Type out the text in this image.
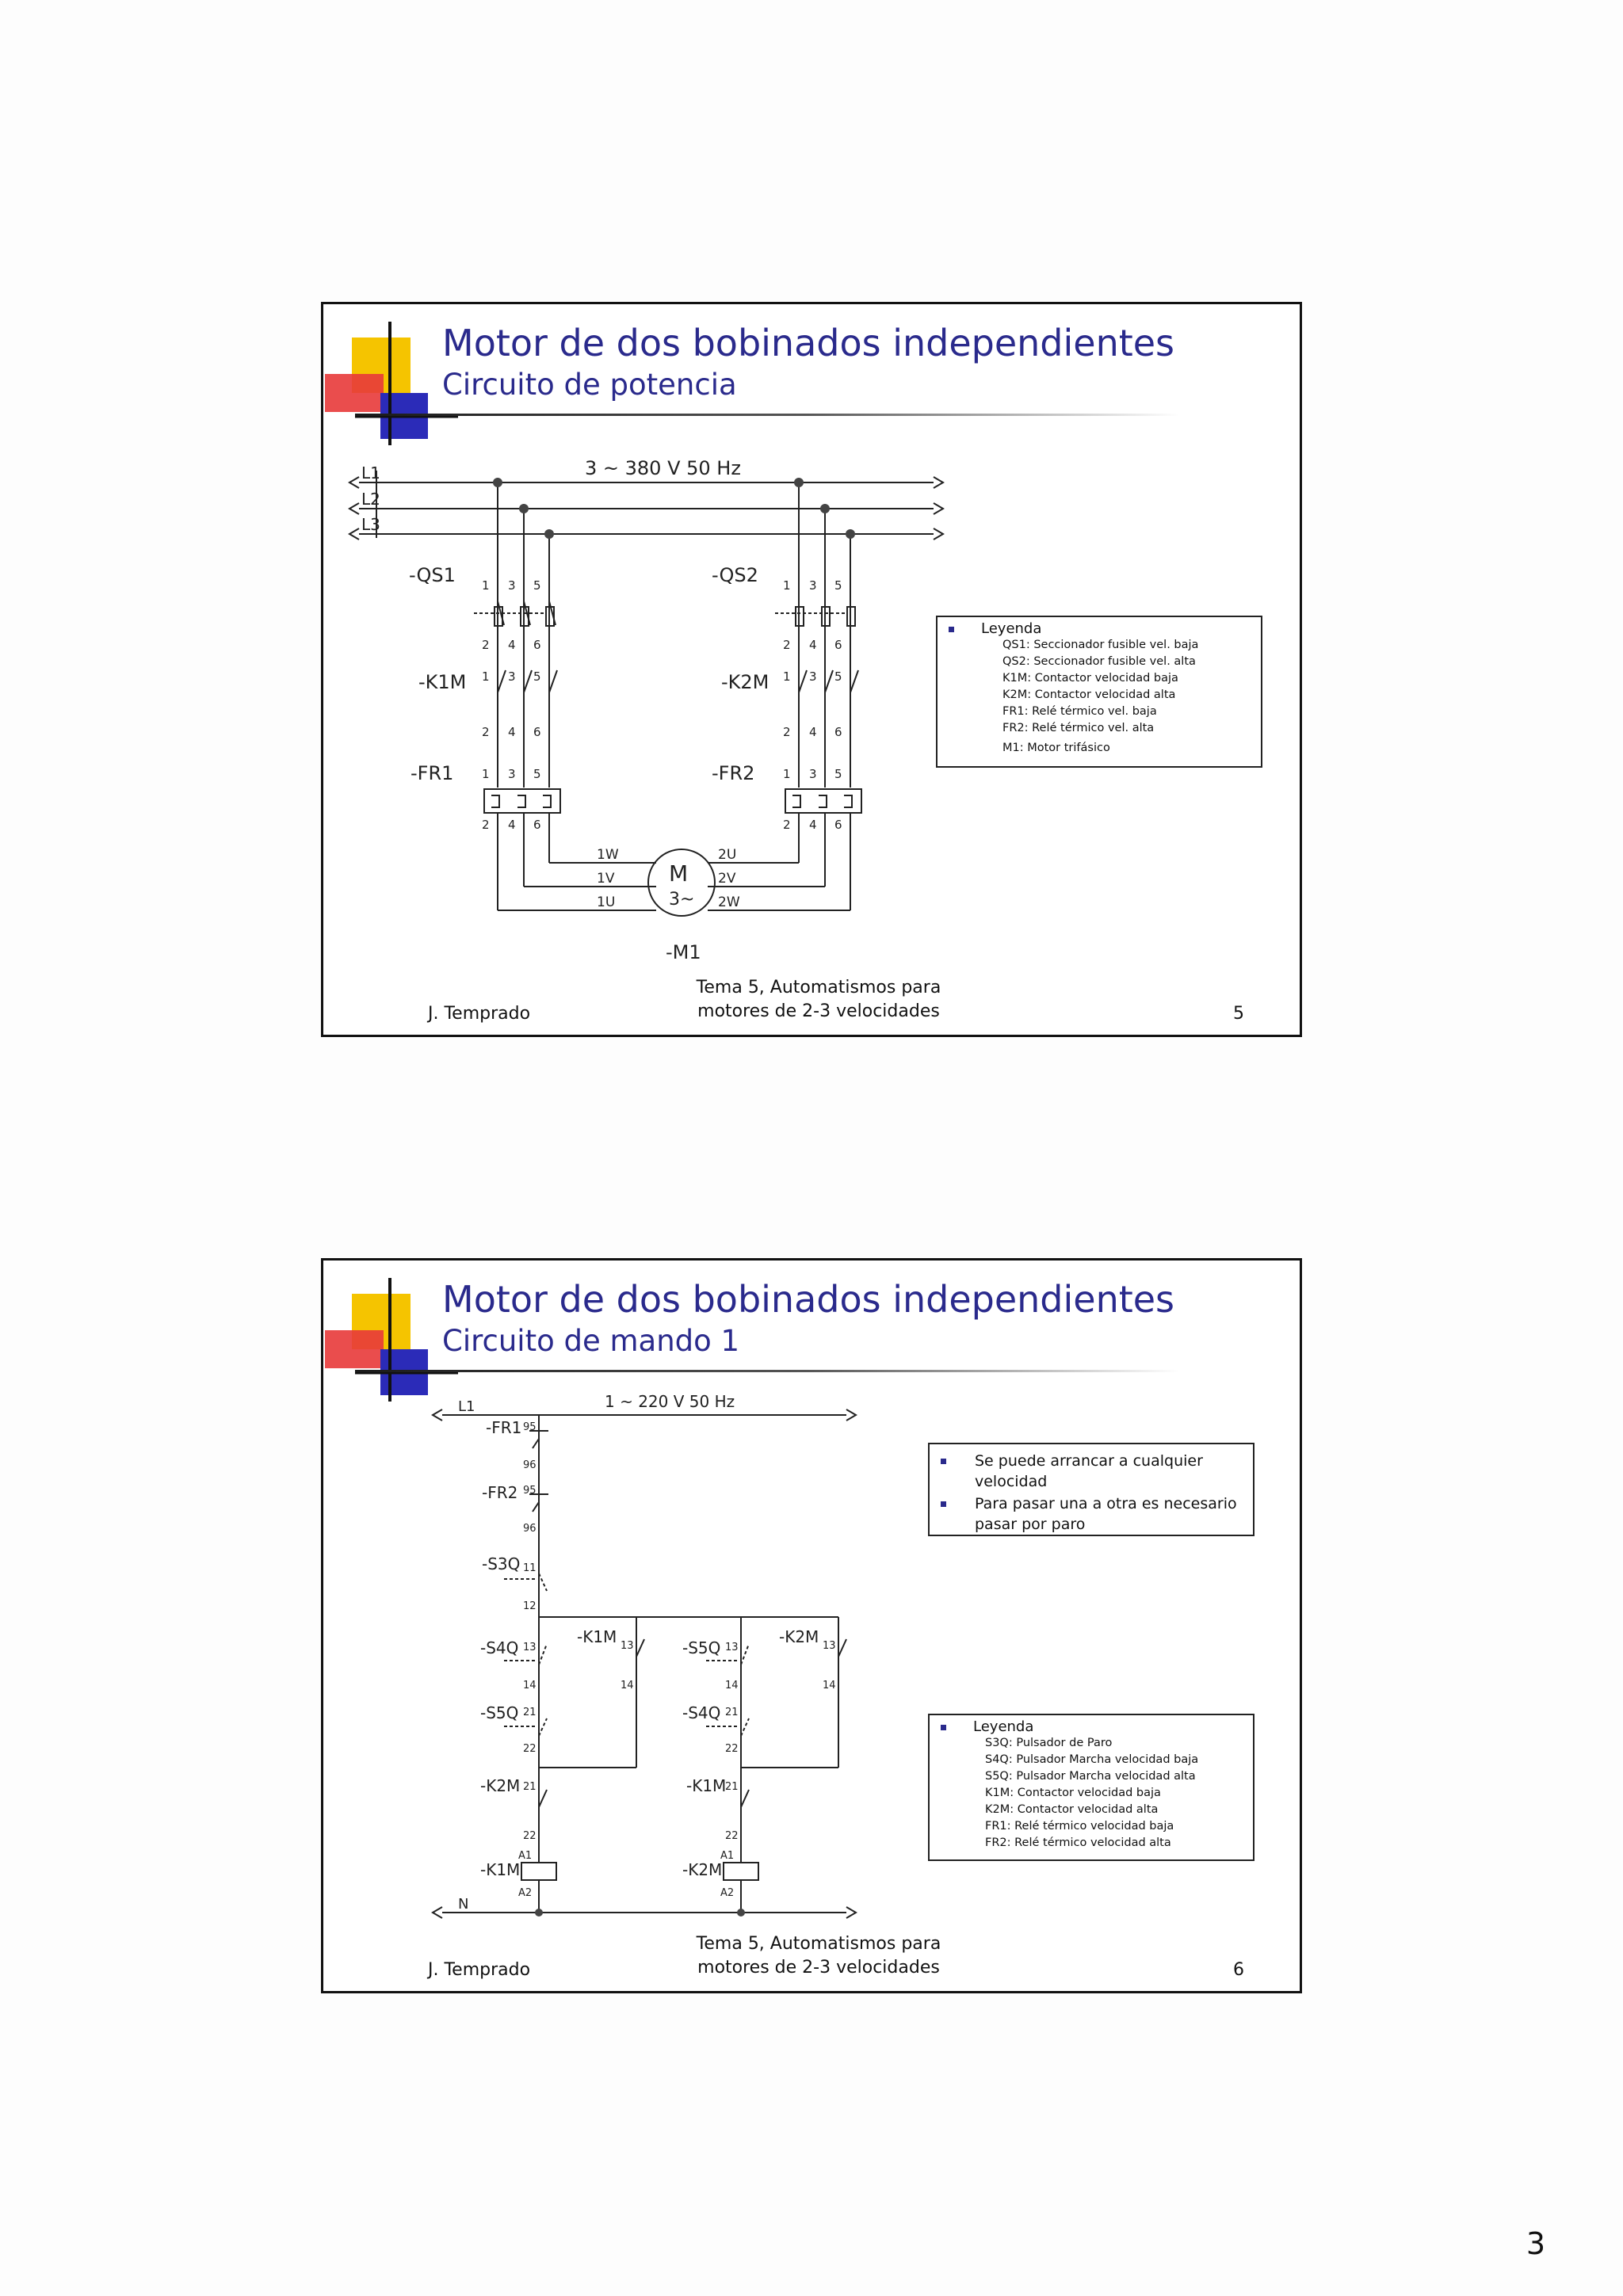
Motor de dos bobinados independientes
Circuito de potencia
L1
L2
L3
3 ~ 380 V 50 Hz
-QS1
-K1M
-FR1
-QS2
-K2M
-FR2
M
3~
-M1
1W
1V
1U
2U
2V
2W
1 3 5
2 4 6
1 3 5
2 4 6
1 3 5
2 4 6
1 3 5
2 4 6
1 3 5
2 4 6
1 3 5
2 4 6
Leyenda
QS1: Seccionador fusible vel. baja
QS2: Seccionador fusible vel. alta
K1M: Contactor velocidad baja
K2M: Contactor velocidad alta
FR1: Relé térmico vel. baja
FR2: Relé térmico vel. alta
M1: Motor trifásico
J. Temprado
Tema 5, Automatismos para
motores de 2-3 velocidades	5
Motor de dos bobinados independientes
Circuito de mando 1
L1
N
1 ~ 220 V 50 Hz
-FR1
-FR2
-S3Q
-S4Q
-S5Q
-K2M
-K1M
-K1M
-S5Q
-S4Q
-K1M
-K2M
-K2M
95
96
95
96
11
12
13
14
21
22
21
22
A1
A2
13
14
13
14
21
22
21
22
A1
A2
13
14
Se puede arrancar a cualquier velocidad
Para pasar una a otra es necesario pasar por paro
Leyenda
S3Q: Pulsador de Paro
S4Q: Pulsador Marcha velocidad baja
S5Q: Pulsador Marcha velocidad alta
K1M: Contactor velocidad baja
K2M: Contactor velocidad alta
FR1: Relé térmico velocidad baja
FR2: Relé térmico velocidad alta
J. Temprado
Tema 5, Automatismos para
motores de 2-3 velocidades	6
3
